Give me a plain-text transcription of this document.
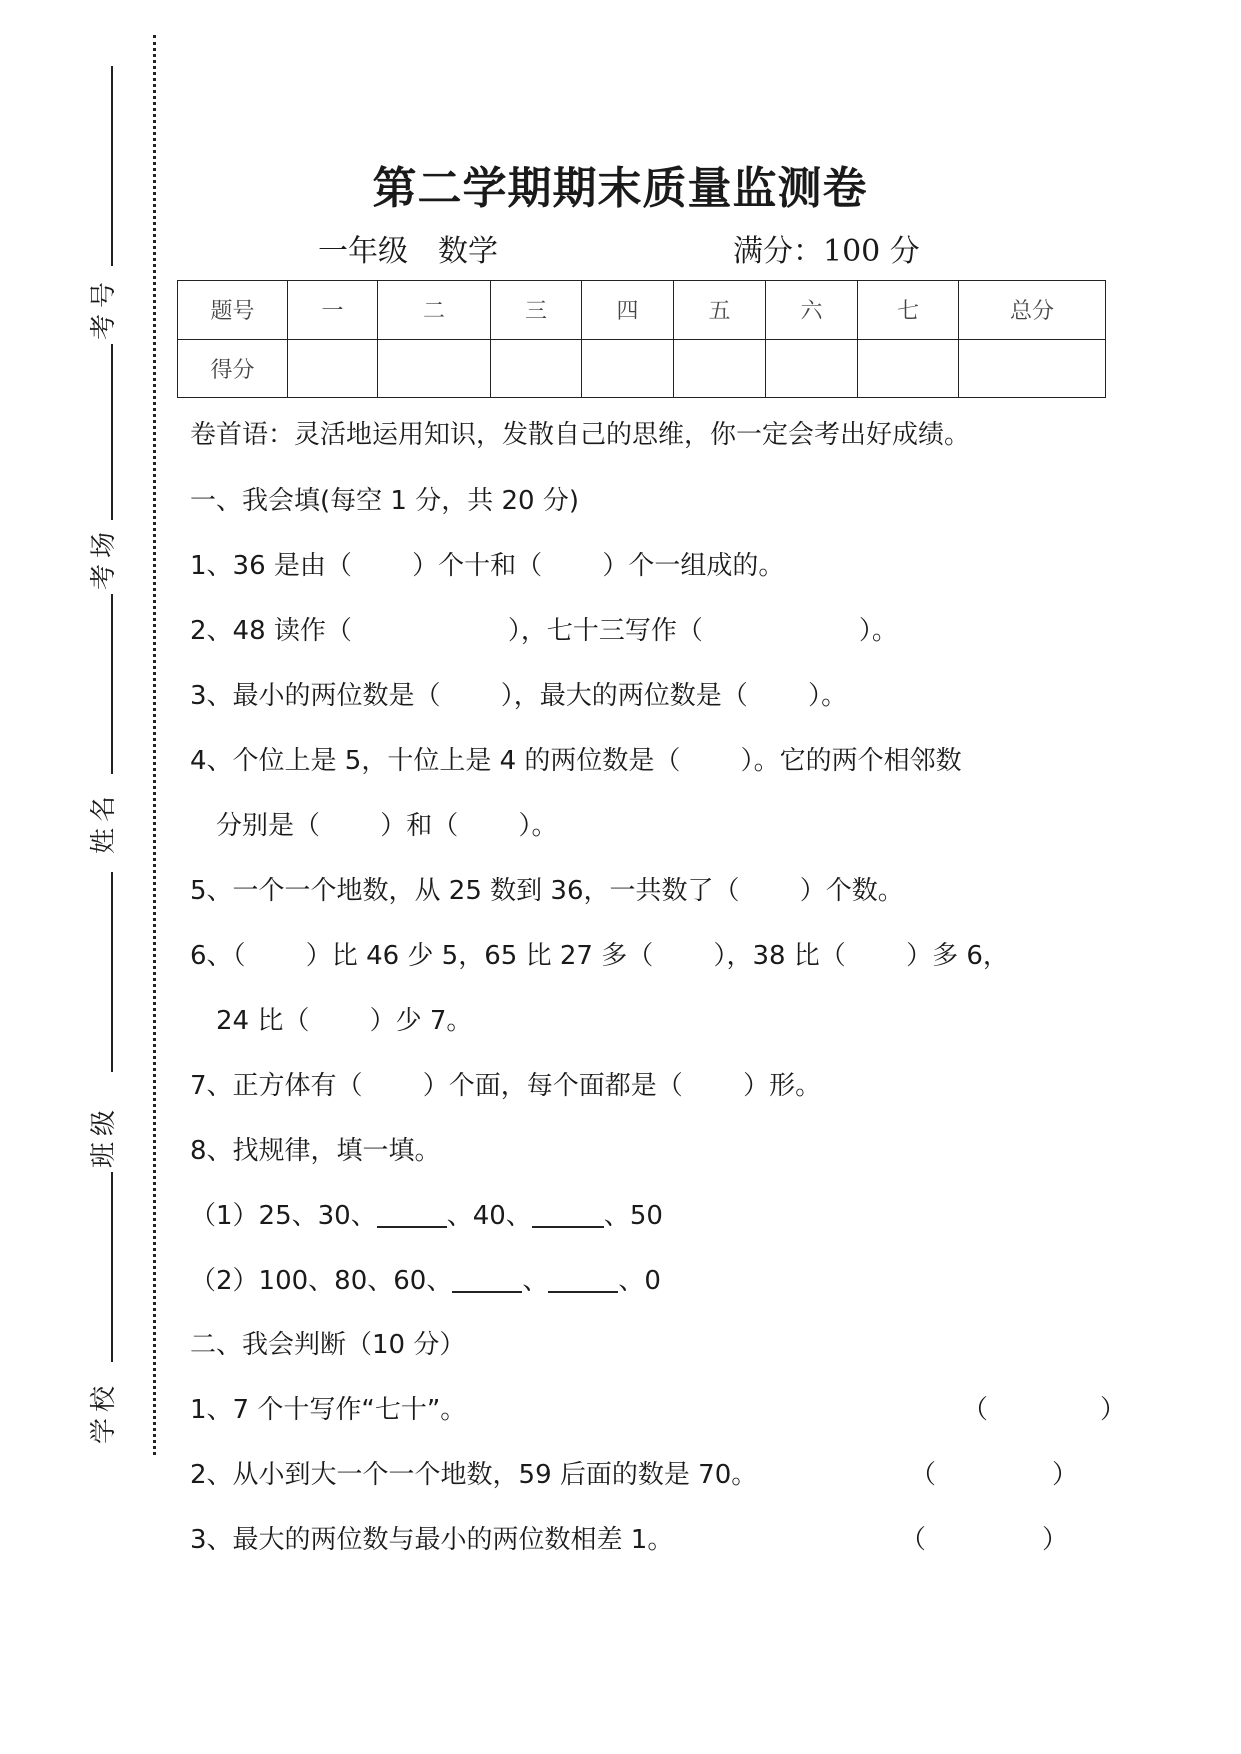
考号
考场
姓名
班级
学校
第二学期期末质量监测卷
一年级　数学	满分：100 分
题号	一	二	三	四	五	六	七	总分
得分								
卷首语：灵活地运用知识，发散自己的思维，你一定会考出好成绩。
一、我会填(每空 1 分，共 20 分)
1、36 是由（　　 ）个十和（　　 ）个一组成的。
2、48 读作（　　　　　　），七十三写作（　　　　　　）。
3、最小的两位数是（　　 ），最大的两位数是（　　 ）。
4、个位上是 5，十位上是 4 的两位数是（　　 ）。它的两个相邻数
　分别是（　　 ）和（　　 ）。
5、一个一个地数，从 25 数到 36，一共数了（　　 ）个数。
6、（　　 ）比 46 少 5，65 比 27 多（　　 ），38 比（　　 ）多 6，
　24 比（　　 ）少 7。
7、正方体有（　　 ）个面，每个面都是（　　 ）形。
8、找规律，填一填。
（1）25、30、	、40、	、50
（2）100、80、60、	、	、0
二、我会判断（10 分）
1、7 个十写作“七十”。	（	）
2、从小到大一个一个地数，59 后面的数是 70。	（	）
3、最大的两位数与最小的两位数相差 1。	（	）
